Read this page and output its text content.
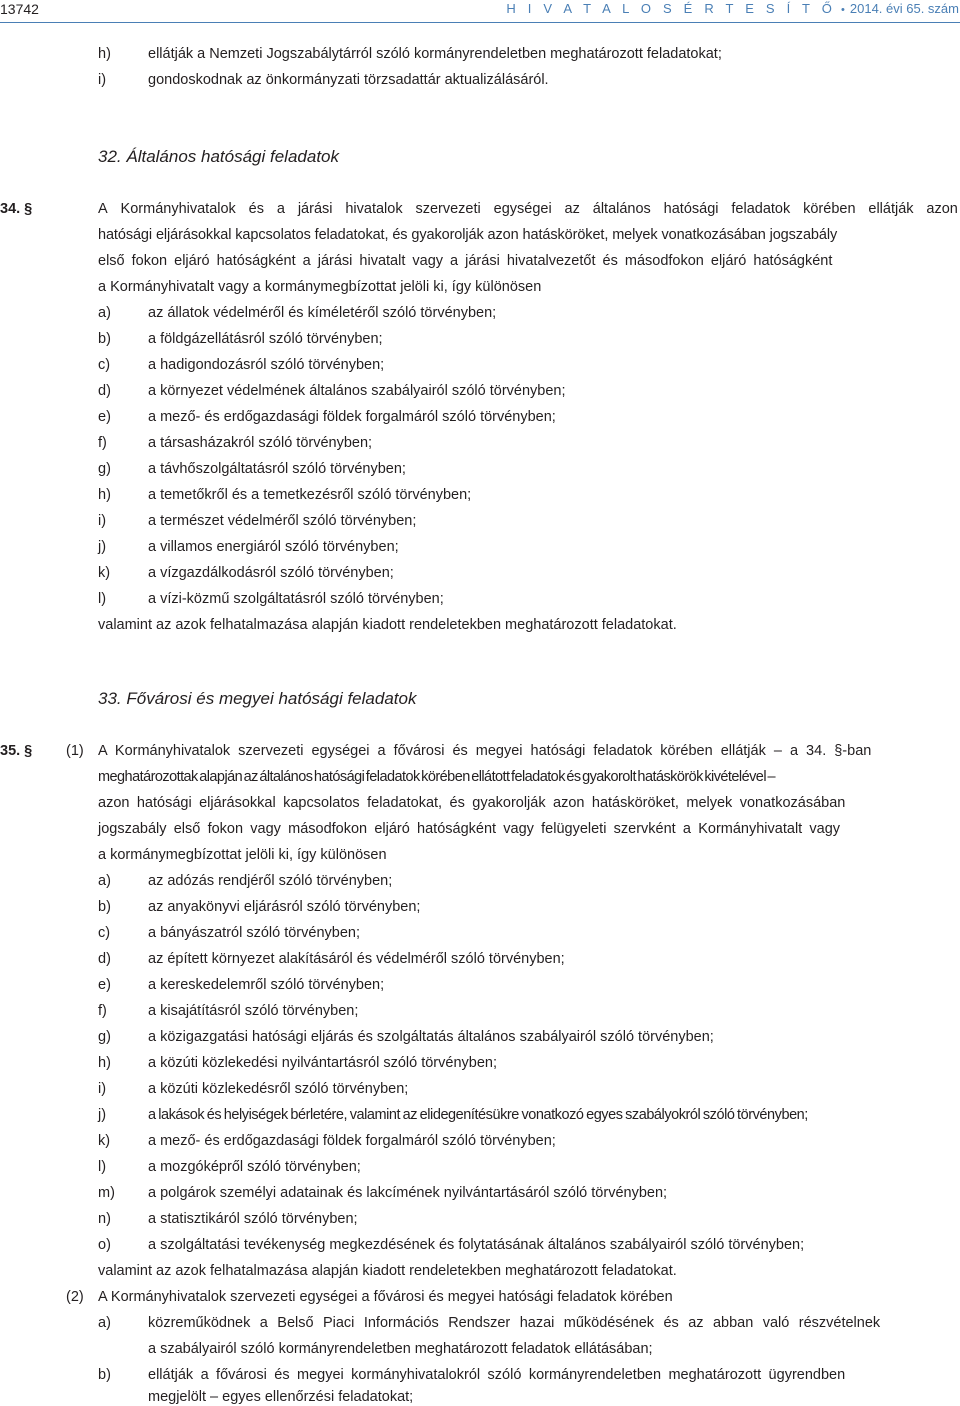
13742	H I V A T A L O S É R T E S Í T Ő • 2014. évi 65. szám
h)	ellátják a Nemzeti Jogszabálytárról szóló kormányrendeletben meghatározott feladatokat;
i)	gondoskodnak az önkormányzati törzsadattár aktualizálásáról.
32. Általános hatósági feladatok
34. §	A Kormányhivatalok és a járási hivatalok szervezeti egységei az általános hatósági feladatok körében ellátják azon
hatósági eljárásokkal kapcsolatos feladatokat, és gyakorolják azon hatásköröket, melyek vonatkozásában jogszabály
első fokon eljáró hatóságként a járási hivatalt vagy a járási hivatalvezetőt és másodfokon eljáró hatóságként
a Kormányhivatalt vagy a kormánymegbízottat jelöli ki, így különösen
a)	az állatok védelméről és kíméletéről szóló törvényben;
b)	a földgázellátásról szóló törvényben;
c)	a hadigondozásról szóló törvényben;
d)	a környezet védelmének általános szabályairól szóló törvényben;
e)	a mező- és erdőgazdasági földek forgalmáról szóló törvényben;
f)	a társasházakról szóló törvényben;
g)	a távhőszolgáltatásról szóló törvényben;
h)	a temetőkről és a temetkezésről szóló törvényben;
i)	a természet védelméről szóló törvényben;
j)	a villamos energiáról szóló törvényben;
k)	a vízgazdálkodásról szóló törvényben;
l)	a vízi-közmű szolgáltatásról szóló törvényben;
valamint az azok felhatalmazása alapján kiadott rendeletekben meghatározott feladatokat.
33. Fővárosi és megyei hatósági feladatok
35. § (1) A Kormányhivatalok szervezeti egységei a fővárosi és megyei hatósági feladatok körében ellátják – a 34. §-ban
meghatározottak alapján az általános hatósági feladatok körében ellátott feladatok és gyakorolt hatáskörök kivételével –
azon hatósági eljárásokkal kapcsolatos feladatokat, és gyakorolják azon hatásköröket, melyek vonatkozásában
jogszabály első fokon vagy másodfokon eljáró hatóságként vagy felügyeleti szervként a Kormányhivatalt vagy
a kormánymegbízottat jelöli ki, így különösen
a)	az adózás rendjéről szóló törvényben;
b)	az anyakönyvi eljárásról szóló törvényben;
c)	a bányászatról szóló törvényben;
d)	az épített környezet alakításáról és védelméről szóló törvényben;
e)	a kereskedelemről szóló törvényben;
f)	a kisajátításról szóló törvényben;
g)	a közigazgatási hatósági eljárás és szolgáltatás általános szabályairól szóló törvényben;
h)	a közúti közlekedési nyilvántartásról szóló törvényben;
i)	a közúti közlekedésről szóló törvényben;
j)	a lakások és helyiségek bérletére, valamint az elidegenítésükre vonatkozó egyes szabályokról szóló törvényben;
k)	a mező- és erdőgazdasági földek forgalmáról szóló törvényben;
l)	a mozgóképről szóló törvényben;
m) a polgárok személyi adatainak és lakcímének nyilvántartásáról szóló törvényben;
n)	a statisztikáról szóló törvényben;
o)	a szolgáltatási tevékenység megkezdésének és folytatásának általános szabályairól szóló törvényben;
valamint az azok felhatalmazása alapján kiadott rendeletekben meghatározott feladatokat.
(2) A Kormányhivatalok szervezeti egységei a fővárosi és megyei hatósági feladatok körében
a)	közreműködnek a Belső Piaci Információs Rendszer hazai működésének és az abban való részvételnek
a szabályairól szóló kormányrendeletben meghatározott feladatok ellátásában;
b)	ellátják a fővárosi és megyei kormányhivatalokról szóló kormányrendeletben meghatározott ügyrendben
megjelölt – egyes ellenőrzési feladatokat;
